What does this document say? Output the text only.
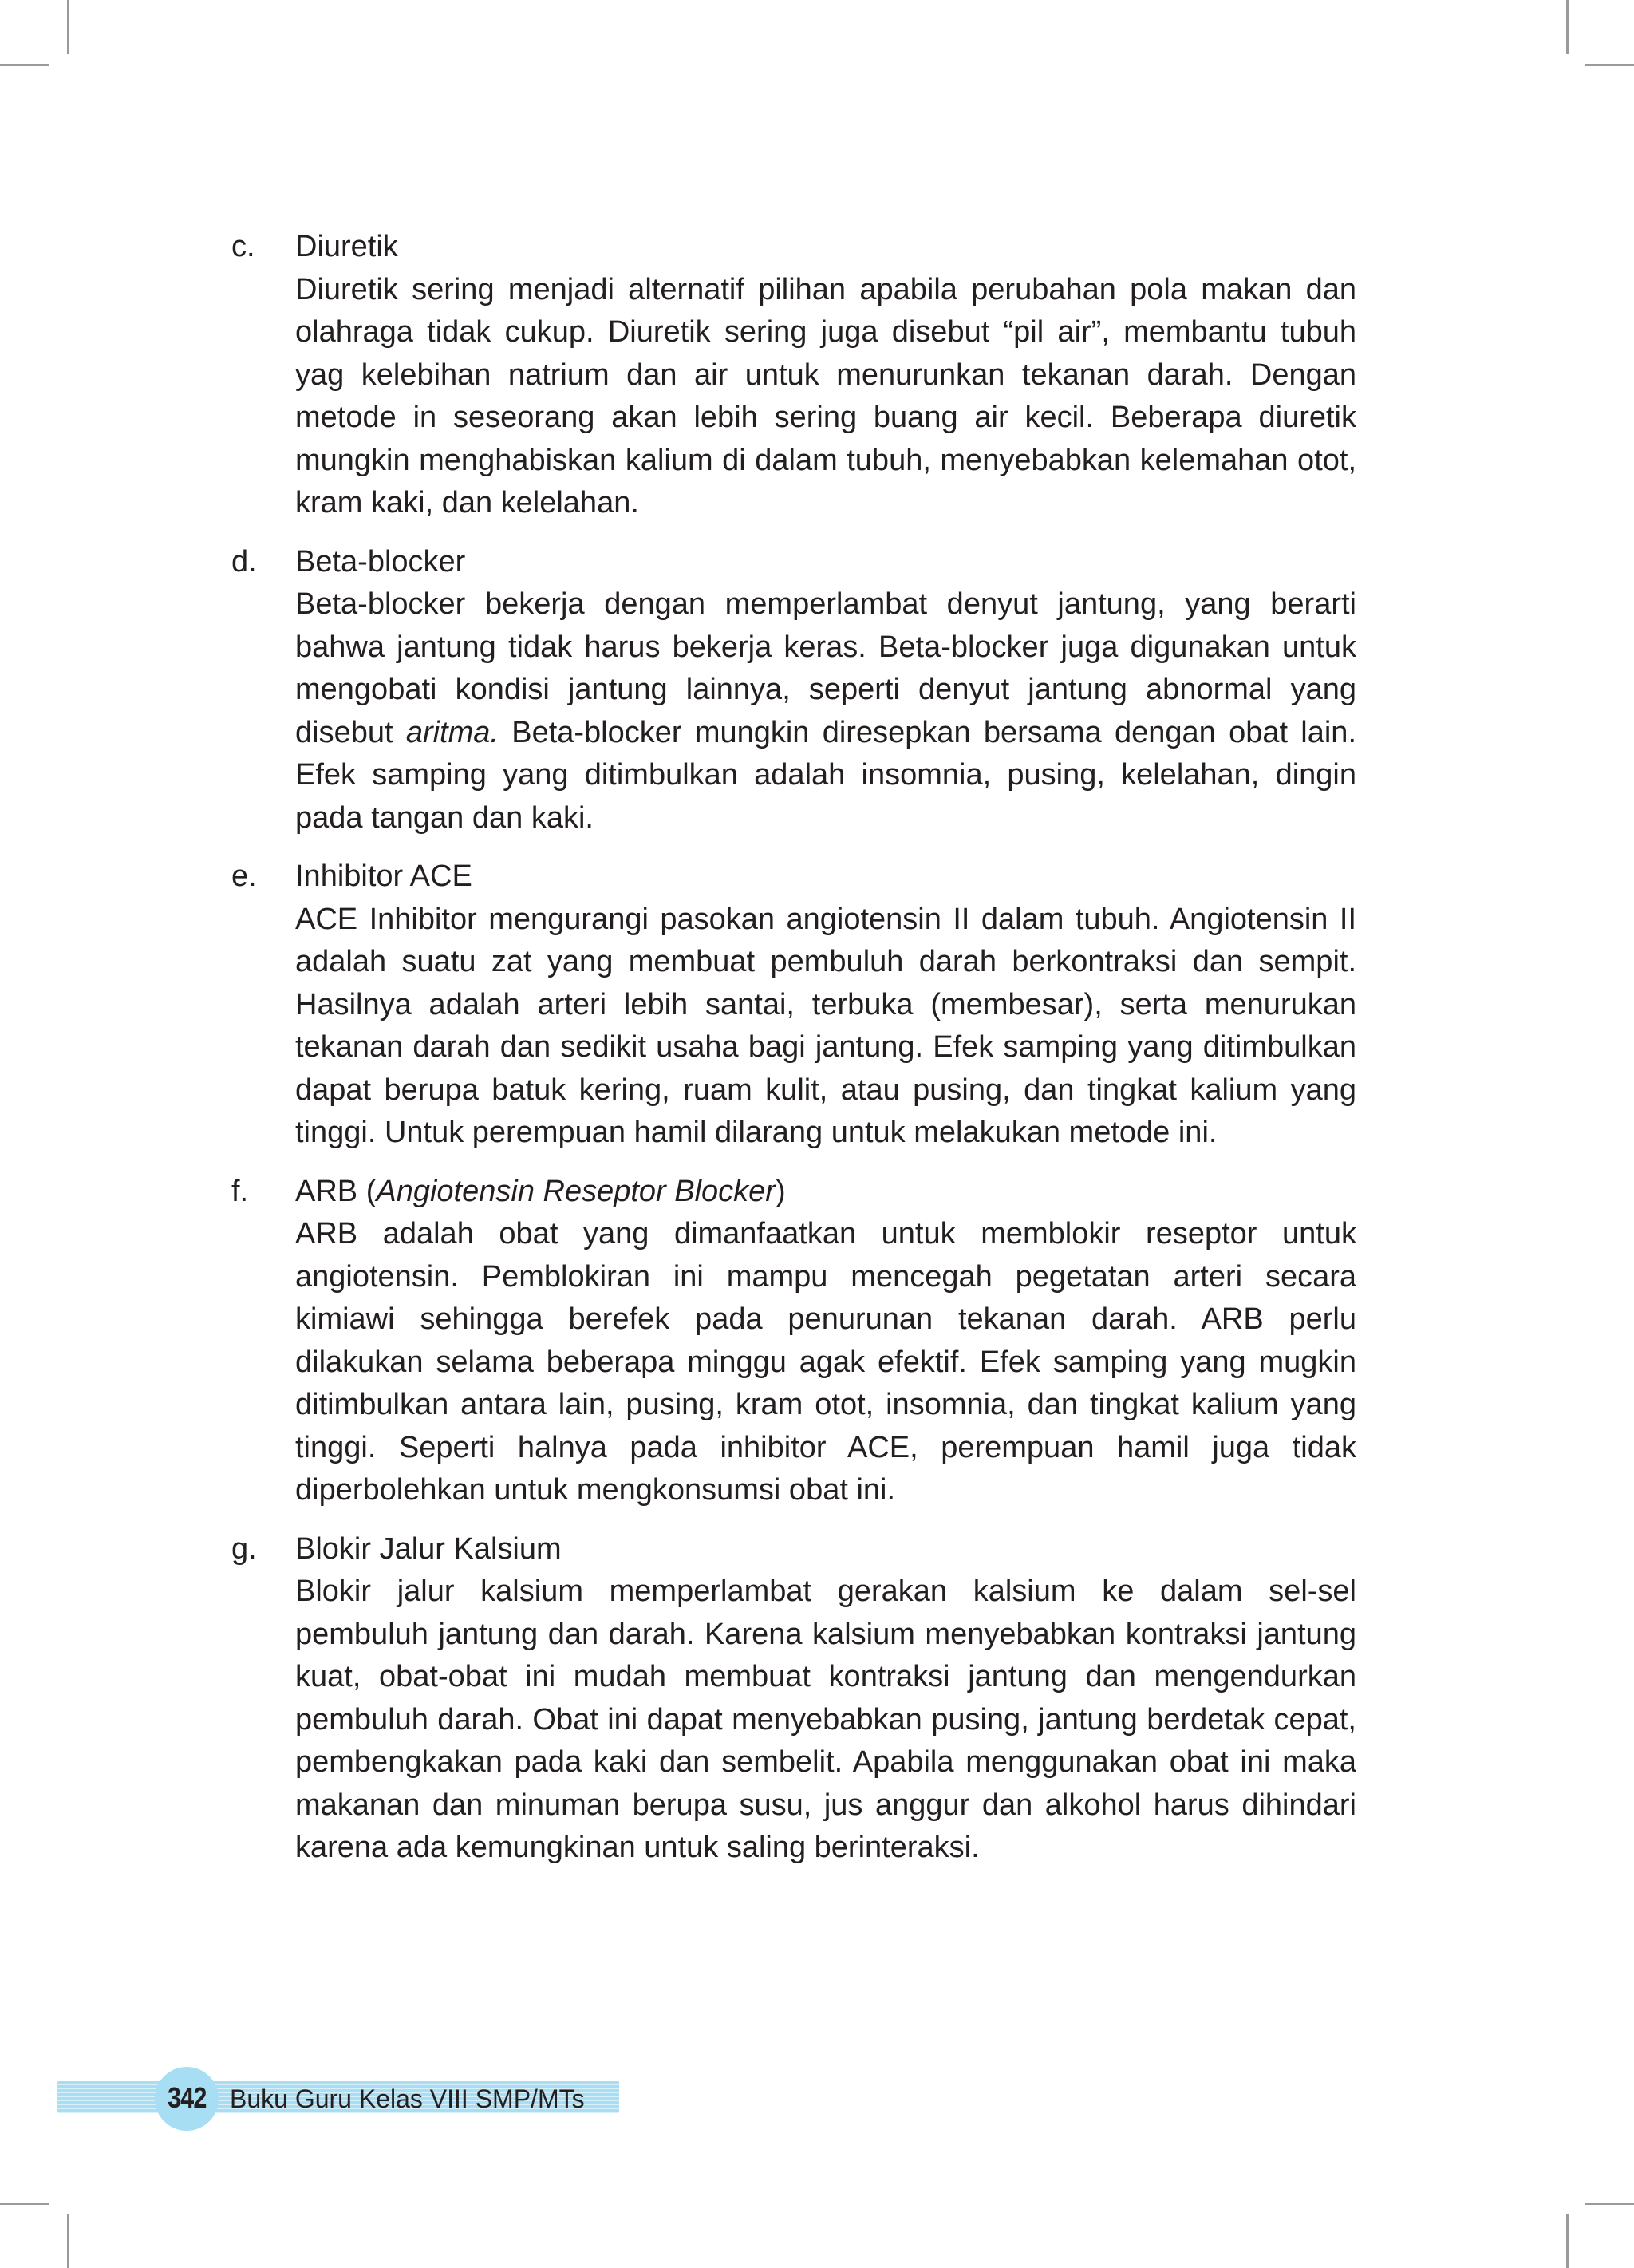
c.	Diuretik
Diuretik sering menjadi alternatif pilihan apabila perubahan pola makan dan olahraga tidak cukup. Diuretik sering juga disebut “pil air”, membantu tubuh yag kelebihan natrium dan air untuk menurunkan tekanan darah. Dengan metode in seseorang akan lebih sering buang air kecil. Beberapa diuretik mungkin menghabiskan kalium di dalam tubuh, menyebabkan kelemahan otot, kram kaki, dan kelelahan.
d.	Beta-blocker
Beta-blocker bekerja dengan memperlambat denyut jantung, yang berarti bahwa jantung tidak harus bekerja keras. Beta-blocker juga digunakan untuk mengobati kondisi jantung lainnya, seperti denyut jantung abnormal yang disebut aritma. Beta-blocker mungkin diresepkan bersama dengan obat lain. Efek samping yang ditimbulkan adalah insomnia, pusing, kelelahan, dingin pada tangan dan kaki.
e.	Inhibitor ACE
ACE Inhibitor mengurangi pasokan angiotensin II dalam tubuh. Angiotensin II adalah suatu zat yang membuat pembuluh darah berkontraksi dan sempit. Hasilnya adalah arteri lebih santai, terbuka (membesar), serta menurukan tekanan darah dan sedikit usaha bagi jantung. Efek samping yang ditimbulkan dapat berupa batuk kering, ruam kulit, atau pusing, dan tingkat kalium yang tinggi. Untuk perempuan hamil dilarang untuk melakukan metode ini.
f.	ARB (Angiotensin Reseptor Blocker)
ARB adalah obat yang dimanfaatkan untuk memblokir reseptor untuk angiotensin. Pemblokiran ini mampu mencegah pegetatan arteri secara kimiawi sehingga berefek pada penurunan tekanan darah. ARB perlu dilakukan selama beberapa minggu agak efektif. Efek samping yang mugkin ditimbulkan antara lain, pusing, kram otot, insomnia, dan tingkat kalium yang tinggi. Seperti halnya pada inhibitor ACE, perempuan hamil juga tidak diperbolehkan untuk mengkonsumsi obat ini.
g.	Blokir Jalur Kalsium
Blokir jalur kalsium memperlambat gerakan kalsium ke dalam sel-sel pembuluh jantung dan darah. Karena kalsium menyebabkan kontraksi jantung kuat, obat-obat ini mudah membuat kontraksi jantung dan mengendurkan pembuluh darah. Obat ini dapat menyebabkan pusing, jantung berdetak cepat, pembengkakan pada kaki dan sembelit. Apabila menggunakan obat ini maka makanan dan minuman berupa susu, jus anggur dan alkohol harus dihindari karena ada kemungkinan untuk saling berinteraksi.
342 Buku Guru Kelas VIII SMP/MTs
